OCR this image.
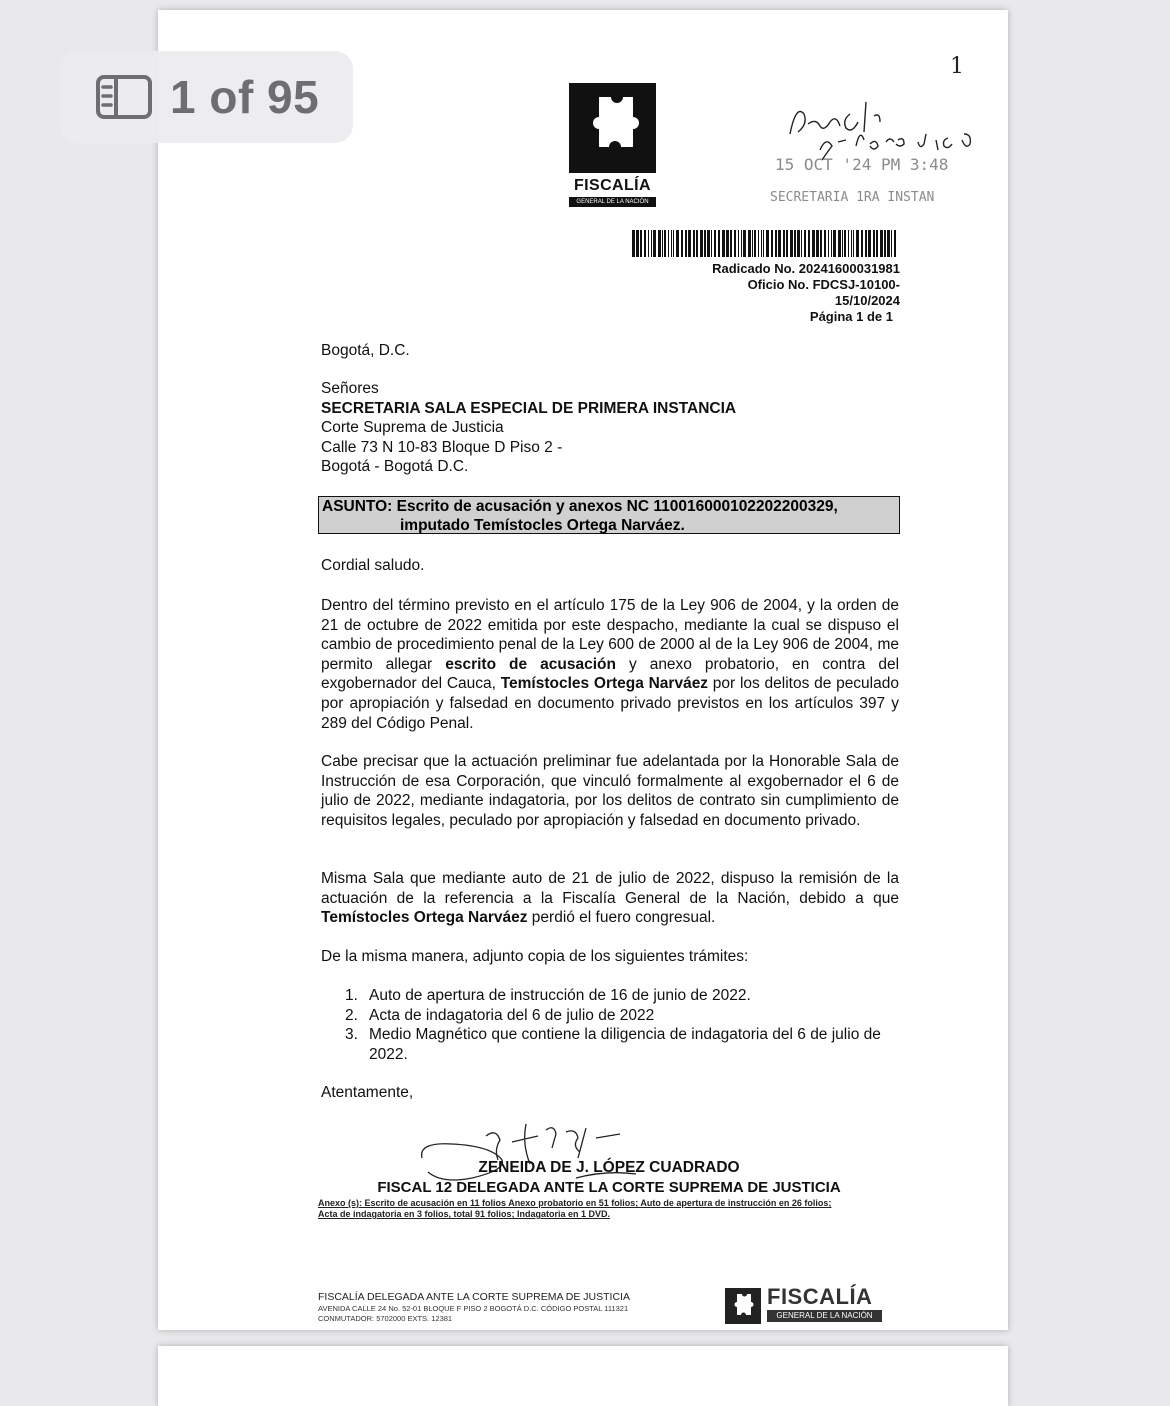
FISCALÍA
GENERAL DE LA NACIÓN
1
15 OCT '24 PM 3:48
SECRETARIA 1RA INSTAN
Radicado No. 20241600031981
Oficio No. FDCSJ-10100-
15/10/2024
Página 1 de 1
Bogotá, D.C.
Señores
SECRETARIA SALA ESPECIAL DE PRIMERA INSTANCIA
Corte Suprema de Justicia
Calle 73 N 10-83 Bloque D Piso 2 -
Bogotá - Bogotá D.C.
ASUNTO: Escrito de acusación y anexos NC 11001600010220220​0329,
imputado Temístocles Ortega Narváez.
Cordial saludo.
Dentro del término previsto en el artículo 175 de la Ley 906 de 2004, y la orden de 21 de octubre de 2022 emitida por este despacho, mediante la cual se dispuso el cambio de procedimiento penal de la Ley 600 de 2000 al de la Ley 906 de 2004, me permito allegar escrito de acusación y anexo probatorio, en contra del exgobernador del Cauca, Temístocles Ortega Narváez por los delitos de peculado por apropiación y falsedad en documento privado previstos en los artículos 397 y 289 del Código Penal.
Cabe precisar que la actuación preliminar fue adelantada por la Honorable Sala de Instrucción de esa Corporación, que vinculó formalmente al exgobernador el 6 de julio de 2022, mediante indagatoria, por los delitos de contrato sin cumplimiento de requisitos legales, peculado por apropiación y falsedad en documento privado.
Misma Sala que mediante auto de 21 de julio de 2022, dispuso la remisión de la actuación de la referencia a la Fiscalía General de la Nación, debido a que Temístocles Ortega Narváez perdió el fuero congresual.
De la misma manera, adjunto copia de los siguientes trámites:
1. Auto de apertura de instrucción de 16 de junio de 2022.
2. Acta de indagatoria del 6 de julio de 2022
3. Medio Magnético que contiene la diligencia de indagatoria del 6 de julio de 2022.
Atentamente,
ZENEIDA DE J. LÓPEZ CUADRADO
FISCAL 12 DELEGADA ANTE LA CORTE SUPREMA DE JUSTICIA
Anexo (s): Escrito de acusación en 11 folios Anexo probatorio en 51 folios; Auto de apertura de instrucción en 26 folios;
Acta de indagatoria en 3 folios, total 91 folios; Indagatoria en 1 DVD.
FISCALÍA DELEGADA ANTE LA CORTE SUPREMA DE JUSTICIA
AVENIDA CALLE 24 No. 52-01 BLOQUE F PISO 2 BOGOTÁ D.C. CÓDIGO POSTAL 111321
CONMUTADOR: 5702000 EXTS. 12381
FISCALÍA
GENERAL DE LA NACIÓN
1 of 95
